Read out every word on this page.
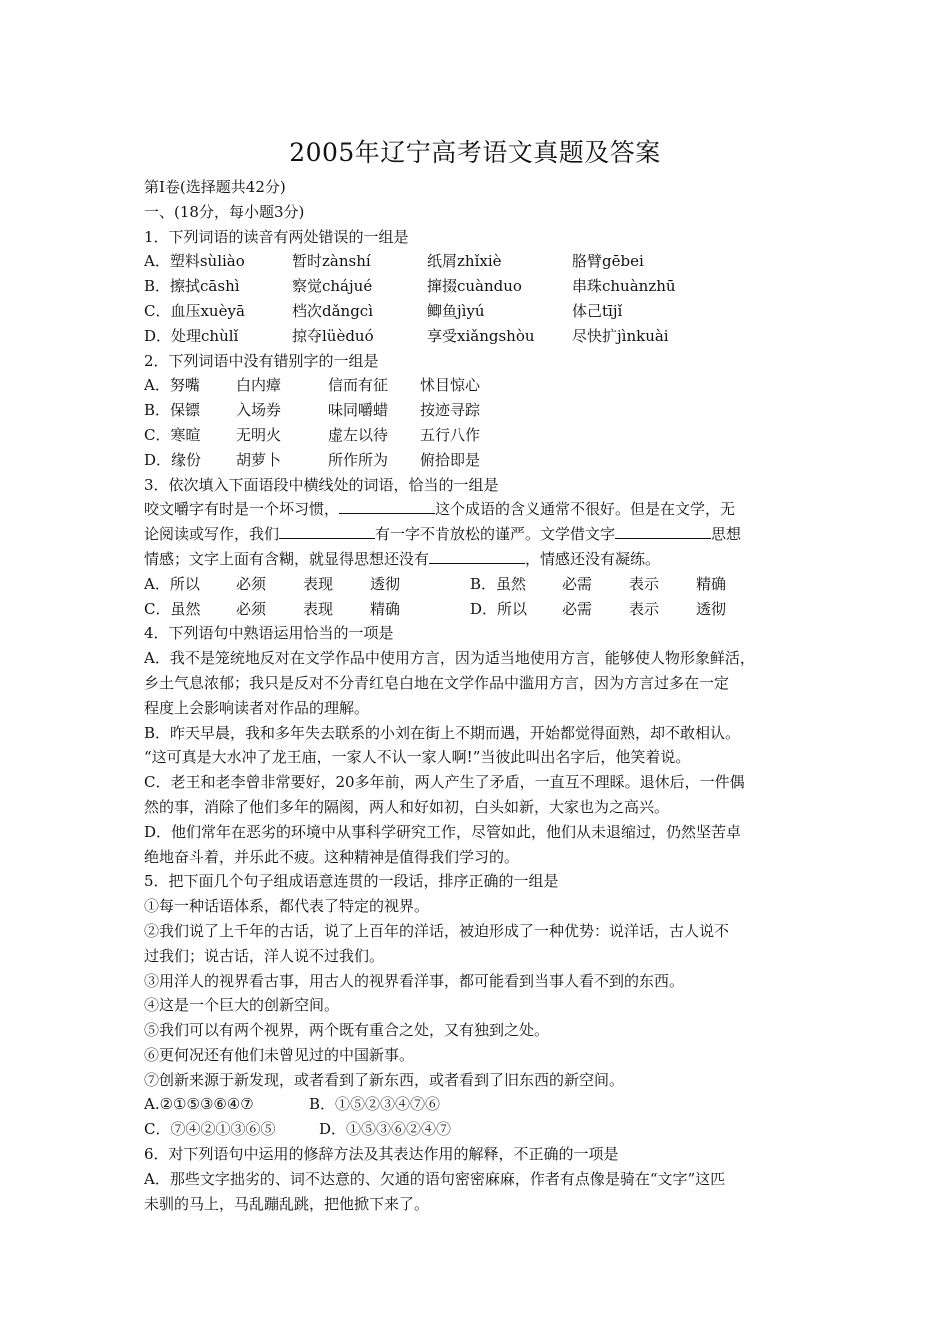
2005年辽宁高考语文真题及答案
第Ⅰ卷(选择题共42分)
一、(18分，每小题3分)
1．下列词语的读音有两处错误的一组是
A．塑料sùliào	暂时zànshí	纸屑zhǐxiè	胳臂gēbei
B．擦拭cāshì	察觉chájué	撺掇cuànduo	串珠chuànzhū
C．血压xuèyā	档次dǎngcì	鲫鱼jìyú	体己tījǐ
D．处理chùlǐ	掠夺lüèduó	享受xiǎngshòu	尽快扩jìnkuài
2．下列词语中没有错别字的一组是
A．努嘴	白内瘴	信而有征	怵目惊心
B．保镖	入场券	味同嚼蜡	按迹寻踪
C．寒暄	无明火	虚左以待	五行八作
D．缘份	胡萝卜	所作所为	俯拾即是
3．依次填入下面语段中横线处的词语，恰当的一组是
咬文嚼字有时是一个坏习惯，	这个成语的含义通常不很好。但是在文学，无
论阅读或写作，我们	有一字不肯放松的谨严。文学借文字	思想
情感；文字上面有含糊，就显得思想还没有	，情感还没有凝练。
A．所以	必须	表现	透彻	B．虽然	必需	表示	精确
C．虽然	必须	表现	精确	D．所以	必需	表示	透彻
4．下列语句中熟语运用恰当的一项是
A．我不是笼统地反对在文学作品中使用方言，因为适当地使用方言，能够使人物形象鲜活，
乡土气息浓郁；我只是反对不分青红皂白地在文学作品中滥用方言，因为方言过多在一定
程度上会影响读者对作品的理解。
B．昨天早晨，我和多年失去联系的小刘在街上不期而遇，开始都觉得面熟，却不敢相认。
“这可真是大水冲了龙王庙，一家人不认一家人啊!”当彼此叫出名字后，他笑着说。
C．老王和老李曾非常要好，20多年前，两人产生了矛盾，一直互不理睬。退休后，一件偶
然的事，消除了他们多年的隔阂，两人和好如初，白头如新，大家也为之高兴。
D．他们常年在恶劣的环境中从事科学研究工作，尽管如此，他们从未退缩过，仍然坚苦卓
绝地奋斗着，并乐此不疲。这种精神是值得我们学习的。
5．把下面几个句子组成语意连贯的一段话，排序正确的一组是
①每一种话语体系，都代表了特定的视界。
②我们说了上千年的古话，说了上百年的洋话，被迫形成了一种优势：说洋话，古人说不
过我们；说古话，洋人说不过我们。
③用洋人的视界看古事，用古人的视界看洋事，都可能看到当事人看不到的东西。
④这是一个巨大的创新空间。
⑤我们可以有两个视界，两个既有重合之处，又有独到之处。
⑥更何况还有他们未曾见过的中国新事。
⑦创新来源于新发现，或者看到了新东西，或者看到了旧东西的新空间。
A.②①⑤③⑥④⑦	B．①⑤②③④⑦⑥
C．⑦④②①③⑥⑤	D．①⑤③⑥②④⑦
6．对下列语句中运用的修辞方法及其表达作用的解释，不正确的一项是
A．那些文字拙劣的、词不达意的、欠通的语句密密麻麻，作者有点像是骑在“文字”这匹
未驯的马上，马乱蹦乱跳，把他掀下来了。
